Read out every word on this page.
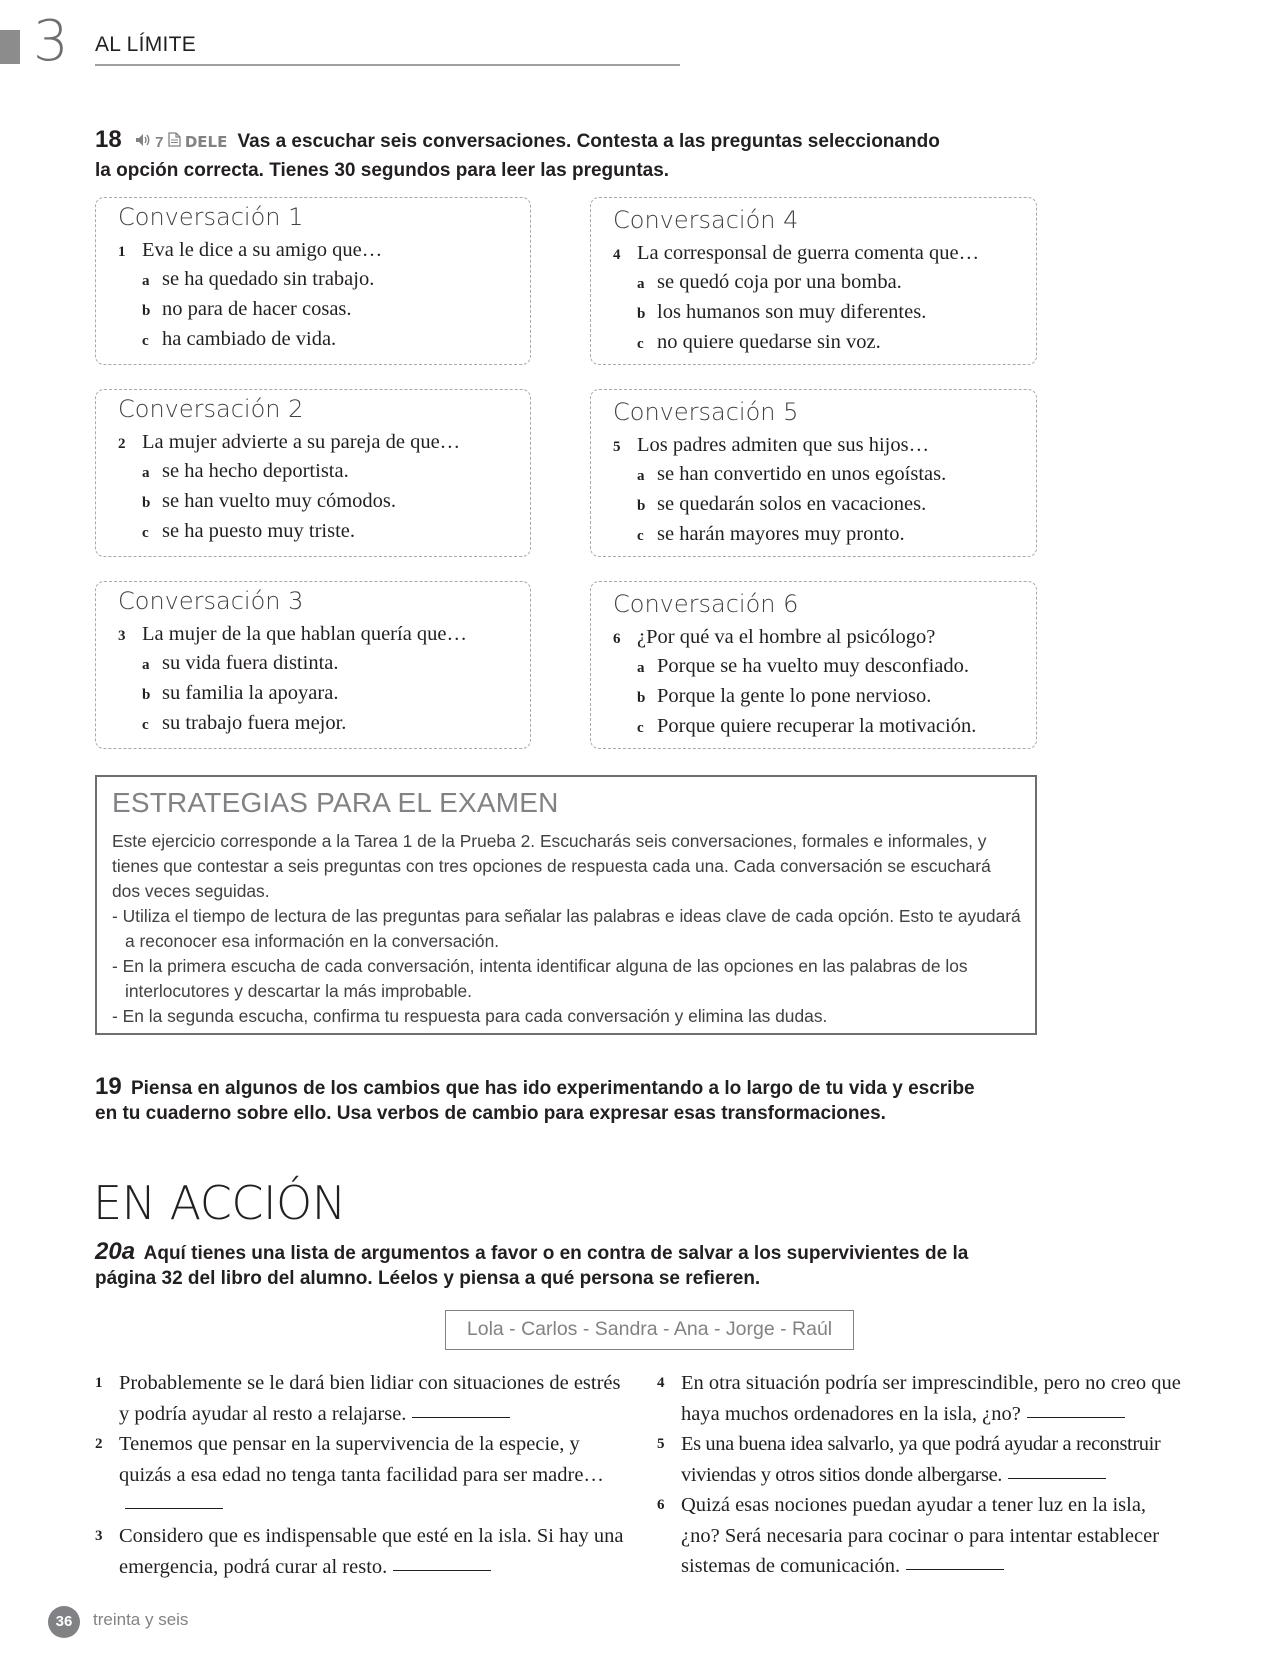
3 AL LÍMITE
18 7 DELE Vas a escuchar seis conversaciones. Contesta a las preguntas seleccionando
la opción correcta. Tienes 30 segundos para leer las preguntas.
Conversación 1
1 Eva le dice a su amigo que…
a se ha quedado sin trabajo.
b no para de hacer cosas.
c ha cambiado de vida.
Conversación 2
2 La mujer advierte a su pareja de que…
a se ha hecho deportista.
b se han vuelto muy cómodos.
c se ha puesto muy triste.
Conversación 3
3 La mujer de la que hablan quería que…
a su vida fuera distinta.
b su familia la apoyara.
c su trabajo fuera mejor.
Conversación 4
4 La corresponsal de guerra comenta que…
a se quedó coja por una bomba.
b los humanos son muy diferentes.
c no quiere quedarse sin voz.
Conversación 5
5 Los padres admiten que sus hijos…
a se han convertido en unos egoístas.
b se quedarán solos en vacaciones.
c se harán mayores muy pronto.
Conversación 6
6 ¿Por qué va el hombre al psicólogo?
a Porque se ha vuelto muy desconfiado.
b Porque la gente lo pone nervioso.
c Porque quiere recuperar la motivación.
ESTRATEGIAS PARA EL EXAMEN

Este ejercicio corresponde a la Tarea 1 de la Prueba 2. Escucharás seis conversaciones, formales e informales, y tienes que contestar a seis preguntas con tres opciones de respuesta cada una. Cada conversación se escuchará dos veces seguidas.

- Utiliza el tiempo de lectura de las preguntas para señalar las palabras e ideas clave de cada opción. Esto te ayudará a reconocer esa información en la conversación.

- En la primera escucha de cada conversación, intenta identificar alguna de las opciones en las palabras de los interlocutores y descartar la más improbable.

- En la segunda escucha, confirma tu respuesta para cada conversación y elimina las dudas.

19 Piensa en algunos de los cambios que has ido experimentando a lo largo de tu vida y escribe
en tu cuaderno sobre ello. Usa verbos de cambio para expresar esas transformaciones.
EN ACCIÓN
20a Aquí tienes una lista de argumentos a favor o en contra de salvar a los supervivientes de la
página 32 del libro del alumno. Léelos y piensa a qué persona se refieren.
Lola - Carlos - Sandra - Ana - Jorge - Raúl
1 Probablemente se le dará bien lidiar con situaciones de estrés y podría ayudar al resto a relajarse.
2 Tenemos que pensar en la supervivencia de la especie, y quizás a esa edad no tenga tanta facilidad para ser madre…
3 Considero que es indispensable que esté en la isla. Si hay una emergencia, podrá curar al resto.
4 En otra situación podría ser imprescindible, pero no creo que haya muchos ordenadores en la isla, ¿no?
5 Es una buena idea salvarlo, ya que podrá ayudar a reconstruir viviendas y otros sitios donde albergarse.
6 Quizá esas nociones puedan ayudar a tener luz en la isla, ¿no? Será necesaria para cocinar o para intentar establecer sistemas de comunicación.
36	treinta y seis
